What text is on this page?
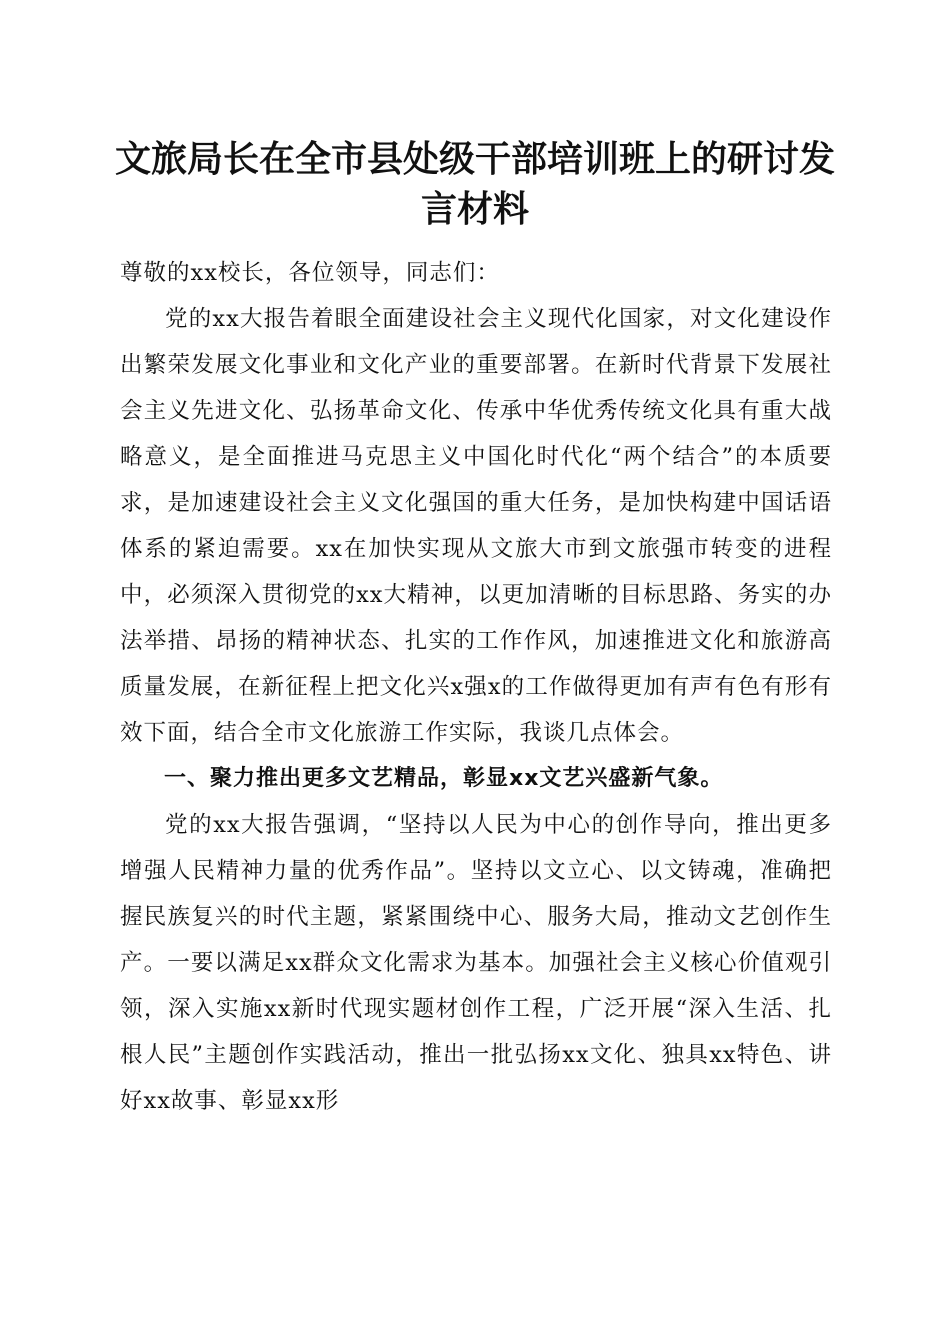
文旅局长在全市县处级干部培训班上的研讨发言材料

尊敬的xx校长，各位领导，同志们：

党的xx大报告着眼全面建设社会主义现代化国家，对文化建设作出繁荣发展文化事业和文化产业的重要部署。在新时代背景下发展社会主义先进文化、弘扬革命文化、传承中华优秀传统文化具有重大战略意义，是全面推进马克思主义中国化时代化“两个结合”的本质要求，是加速建设社会主义文化强国的重大任务，是加快构建中国话语体系的紧迫需要。xx在加快实现从文旅大市到文旅强市转变的进程中，必须深入贯彻党的xx大精神，以更加清晰的目标思路、务实的办法举措、昂扬的精神状态、扎实的工作作风，加速推进文化和旅游高质量发展，在新征程上把文化兴x强x的工作做得更加有声有色有形有效下面，结合全市文化旅游工作实际，我谈几点体会。

一、聚力推出更多文艺精品，彰显xx文艺兴盛新气象。

党的xx大报告强调，“坚持以人民为中心的创作导向，推出更多增强人民精神力量的优秀作品”。坚持以文立心、以文铸魂，准确把握民族复兴的时代主题，紧紧围绕中心、服务大局，推动文艺创作生产。一要以满足xx群众文化需求为基本。加强社会主义核心价值观引领，深入实施xx新时代现实题材创作工程，广泛开展“深入生活、扎根人民”主题创作实践活动，推出一批弘扬xx文化、独具xx特色、讲好xx故事、彰显xx形
